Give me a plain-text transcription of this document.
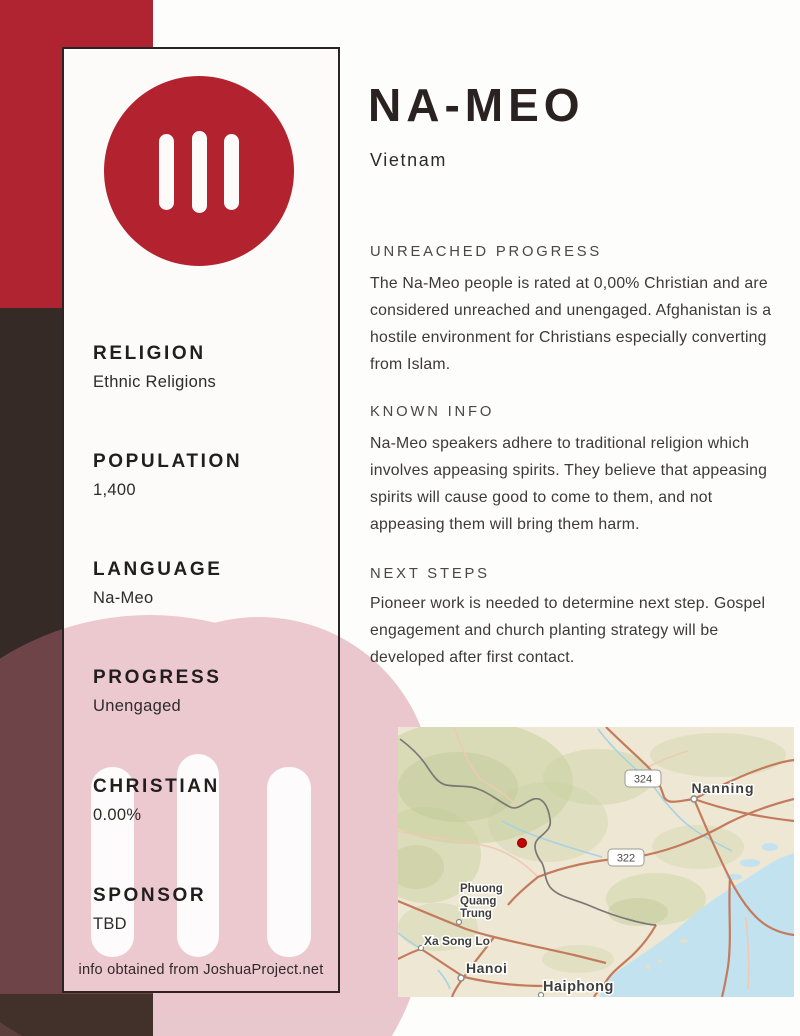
RELIGION
Ethnic Religions
POPULATION
1,400
LANGUAGE
Na-Meo
PROGRESS
Unengaged
CHRISTIAN
0.00%
SPONSOR
TBD
info obtained from JoshuaProject.net
NA-MEO
Vietnam
UNREACHED PROGRESS
The Na-Meo people is rated at 0,00% Christian and are considered unreached and unengaged. Afghanistan is a hostile environment for Christians especially converting from Islam.
KNOWN INFO
Na-Meo speakers adhere to traditional religion which involves appeasing spirits. They believe that appeasing spirits will cause good to come to them, and not appeasing them will bring them harm.
NEXT STEPS
Pioneer work is needed to determine next step. Gospel engagement and church planting strategy will be developed after first contact.
324
322
Nanning
Phuong
Quang
Trung
Xa Song Lo
Hanoi
Haiphong
